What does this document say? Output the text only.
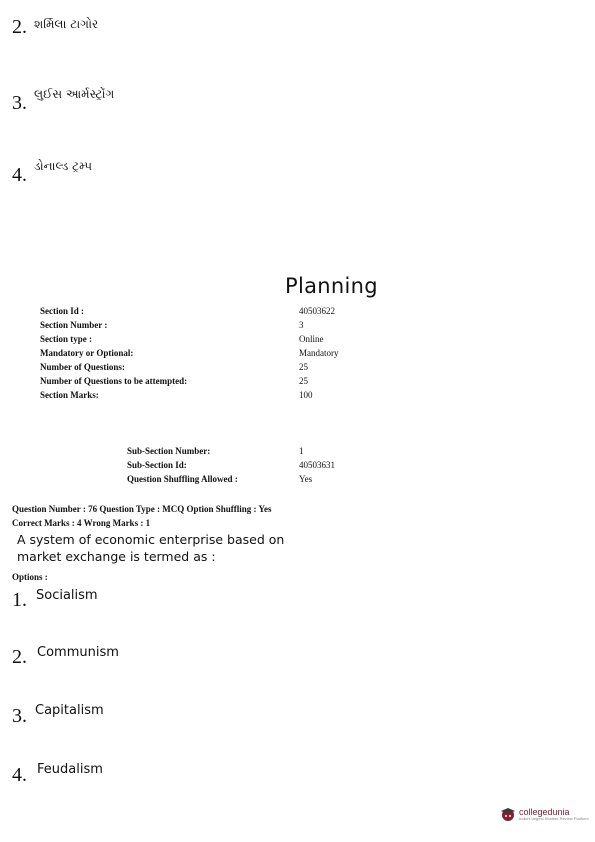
2. શર્મિલા ટાગોર
3. લુઈસ આર્મસ્ટ્રોંગ
4. ડોનાલ્ડ ટ્રમ્પ
Planning
Section Id :	40503622
Section Number :	3
Section type :	Online
Mandatory or Optional:	Mandatory
Number of Questions:	25
Number of Questions to be attempted:	25
Section Marks:	100
Sub-Section Number:	1
Sub-Section Id:	40503631
Question Shuffling Allowed :	Yes
Question Number : 76 Question Type : MCQ Option Shuffling : Yes
Correct Marks : 4 Wrong Marks : 1
A system of economic enterprise based on
market exchange is termed as :
Options :
1. Socialism
2. Communism
3. Capitalism
4. Feudalism
collegedunia
India's largest Student Review Platform
